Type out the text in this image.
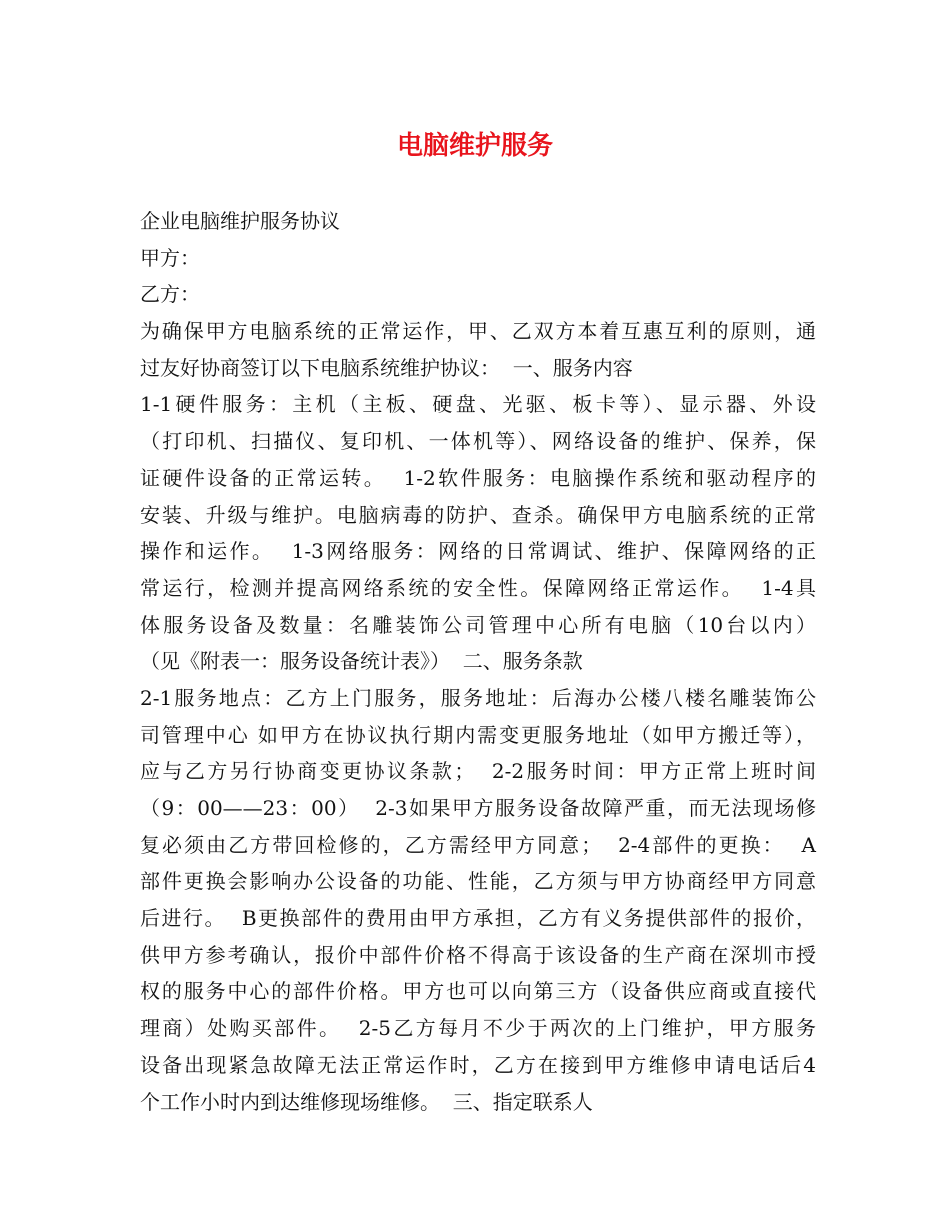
电脑维护服务
企业电脑维护服务协议
甲方：
乙方：
为确保甲方电脑系统的正常运作，甲、乙双方本着互惠互利的原则，通
过友好协商签订以下电脑系统维护协议：  一、服务内容
1-1硬件服务：主机（主板、硬盘、光驱、板卡等）、显示器、外设
（打印机、扫描仪、复印机、一体机等）、网络设备的维护、保养，保
证硬件设备的正常运转。  1-2软件服务：电脑操作系统和驱动程序的
安装、升级与维护。电脑病毒的防护、查杀。确保甲方电脑系统的正常
操作和运作。  1-3网络服务：网络的日常调试、维护、保障网络的正
常运行，检测并提高网络系统的安全性。保障网络正常运作。  1-4具
体服务设备及数量：名雕装饰公司管理中心所有电脑（10台以内）
（见《附表一：服务设备统计表》）  二、服务条款
2-1服务地点：乙方上门服务，服务地址：后海办公楼八楼名雕装饰公
司管理中心 如甲方在协议执行期内需变更服务地址（如甲方搬迁等），
应与乙方另行协商变更协议条款；  2-2服务时间：甲方正常上班时间
（9：00——23：00）  2-3如果甲方服务设备故障严重，而无法现场修
复必须由乙方带回检修的，乙方需经甲方同意；  2-4部件的更换：  A
部件更换会影响办公设备的功能、性能，乙方须与甲方协商经甲方同意
后进行。  B更换部件的费用由甲方承担，乙方有义务提供部件的报价，
供甲方参考确认，报价中部件价格不得高于该设备的生产商在深圳市授
权的服务中心的部件价格。甲方也可以向第三方（设备供应商或直接代
理商）处购买部件。  2-5乙方每月不少于两次的上门维护，甲方服务
设备出现紧急故障无法正常运作时，乙方在接到甲方维修申请电话后4
个工作小时内到达维修现场维修。  三、指定联系人
